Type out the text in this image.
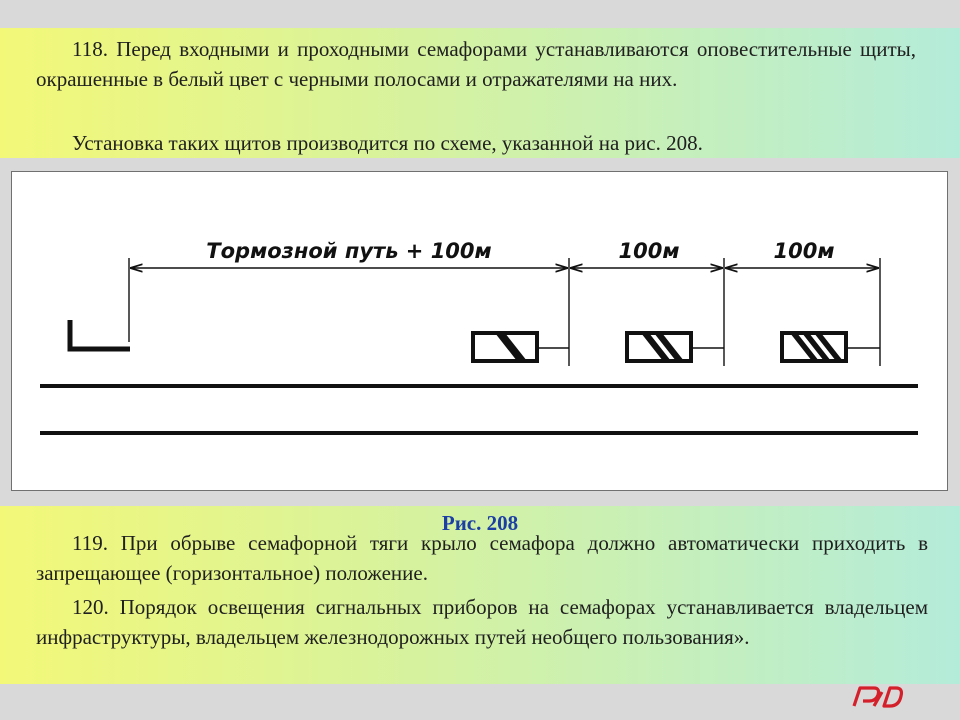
118. Перед входными и проходными семафорами устанавливаются оповестительные щиты, окрашенные в белый цвет с черными полосами и отражателями на них.

Установка таких щитов производится по схеме, указанной на рис. 208.

Тормозной путь + 100м	100м	100м
Рис. 208

119. При обрыве семафорной тяги крыло семафора должно автоматически приходить в запрещающее (горизонтальное) положение.

120. Порядок освещения сигнальных приборов на семафорах устанавливается владельцем инфраструктуры, владельцем железнодорожных путей необщего пользования».
